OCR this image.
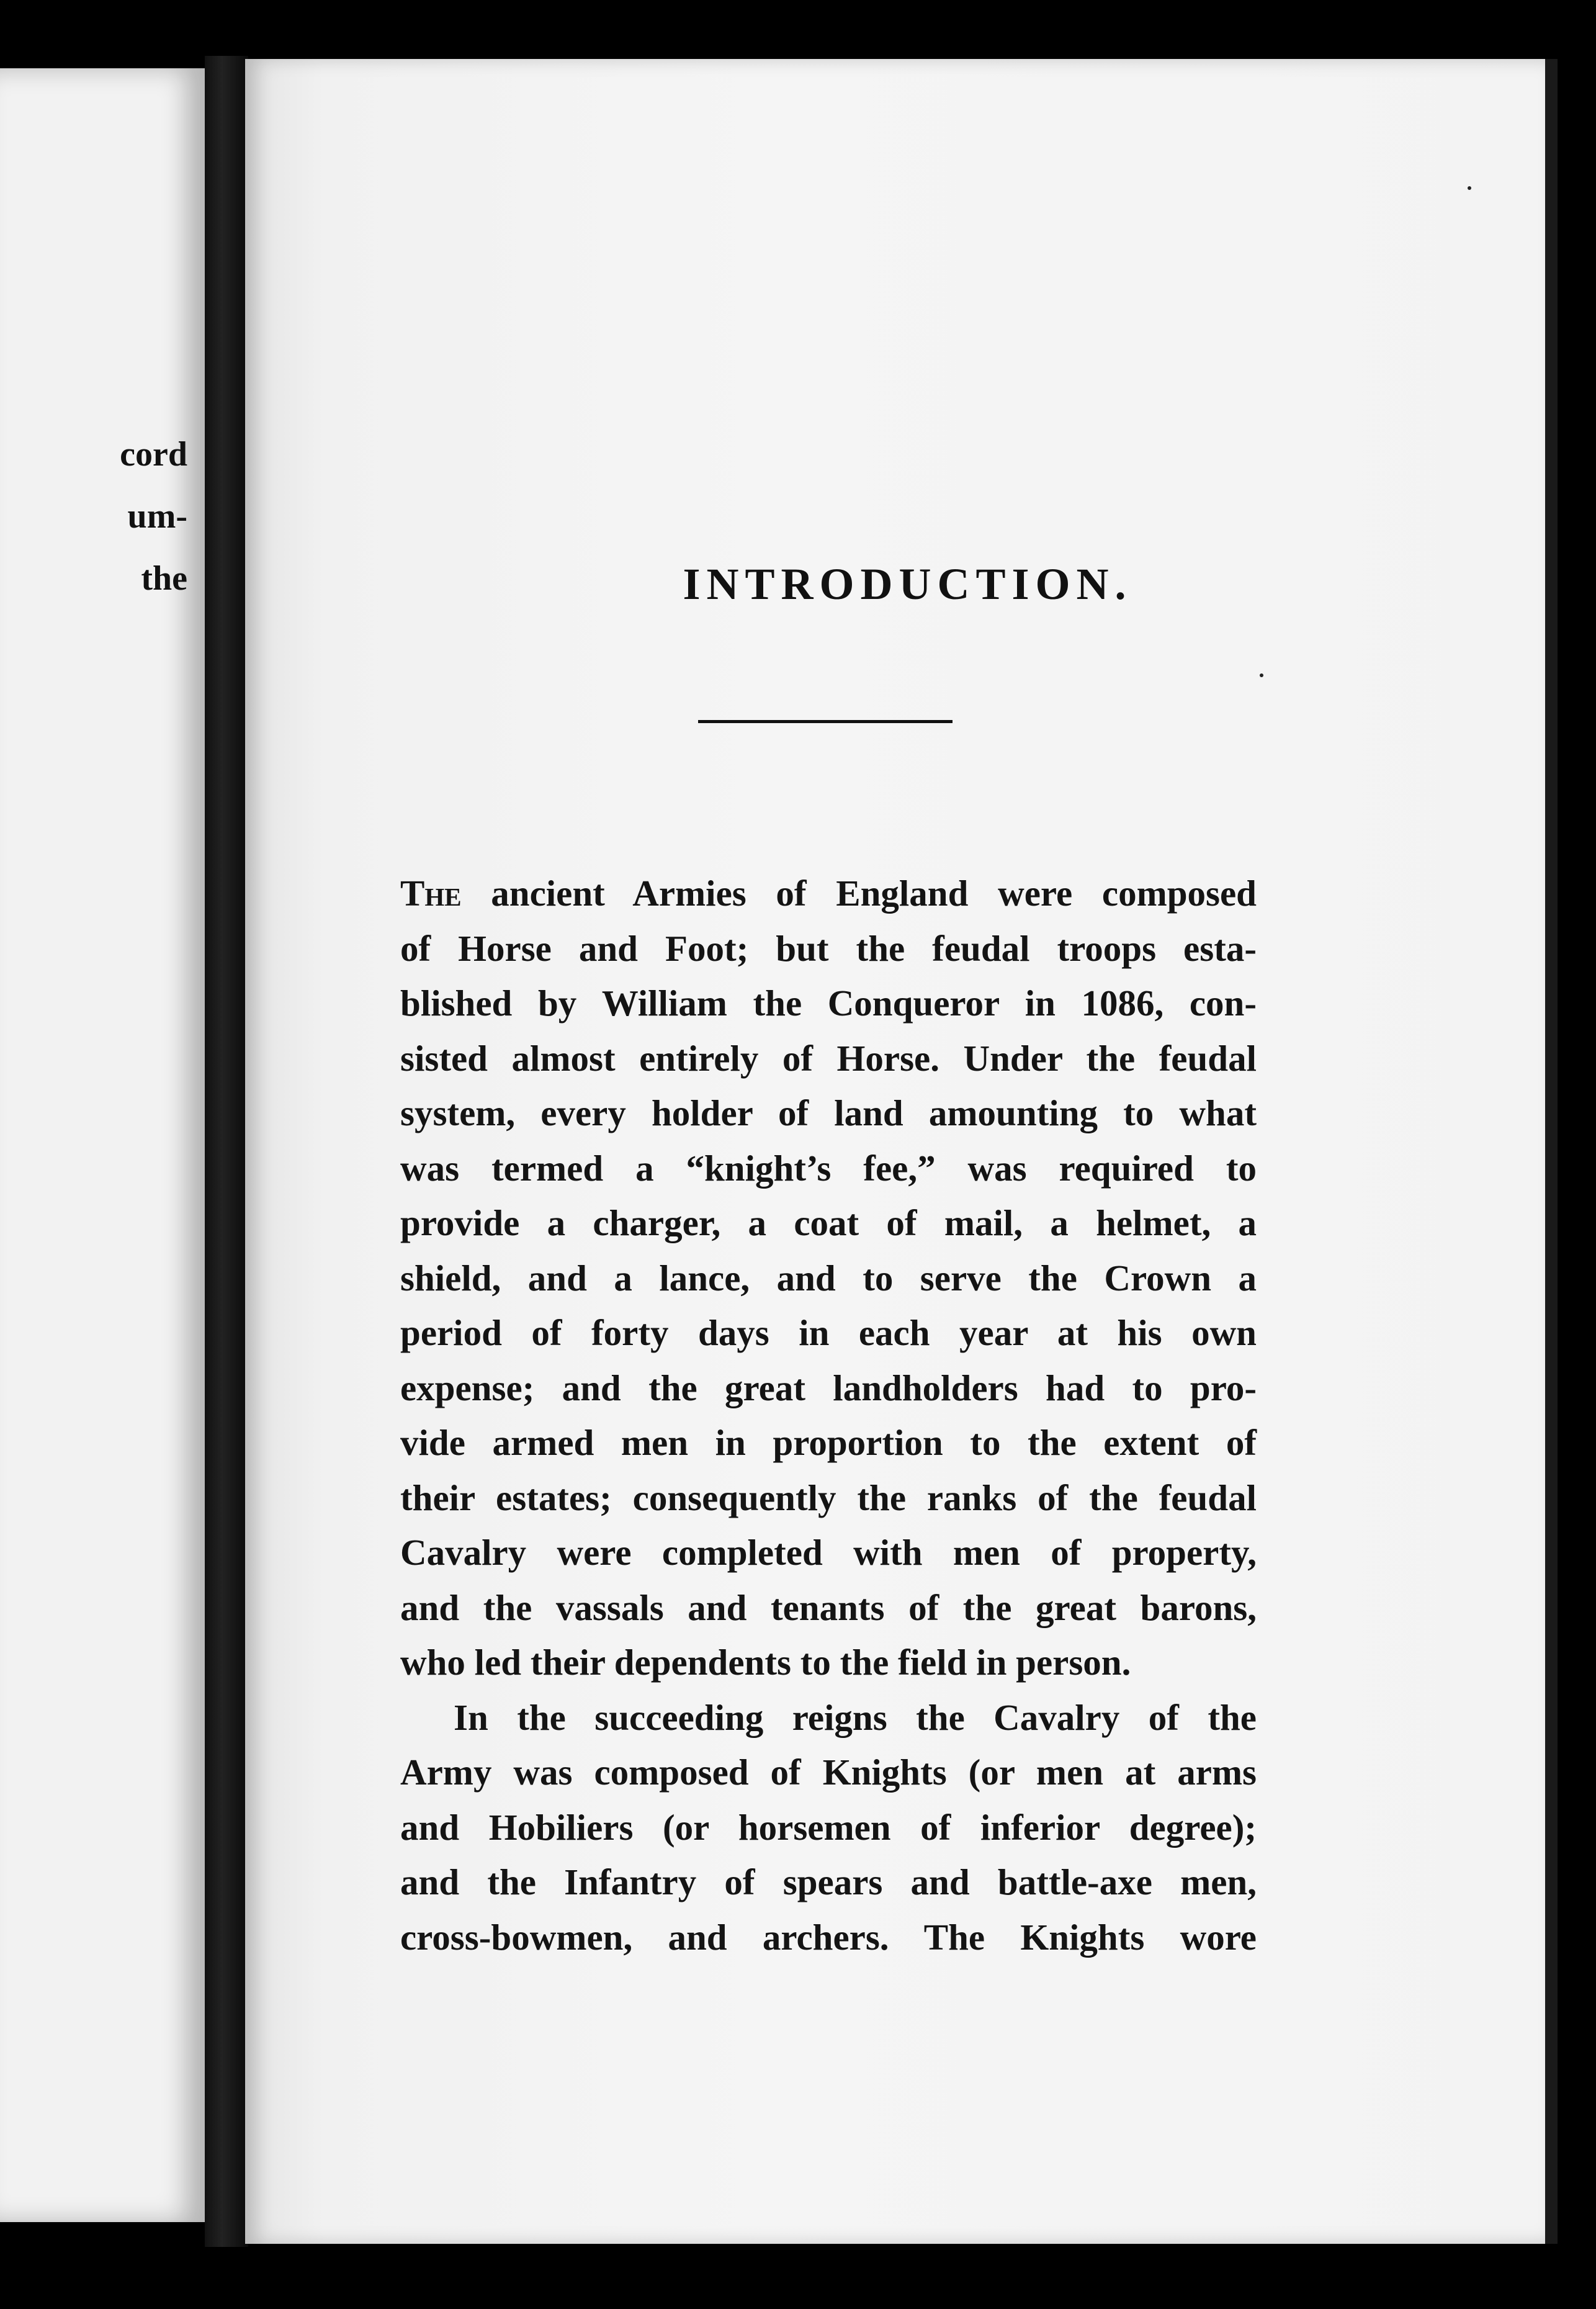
cord
um-
the	INTRODUCTION.
The ancient Armies of England were composed
of Horse and Foot; but the feudal troops esta-
blished by William the Conqueror in 1086, con-
sisted almost entirely of Horse. Under the feudal
system, every holder of land amounting to what
was termed a “knight’s fee,” was required to
provide a charger, a coat of mail, a helmet, a
shield, and a lance, and to serve the Crown a
period of forty days in each year at his own
expense; and the great landholders had to pro-
vide armed men in proportion to the extent of
their estates; consequently the ranks of the feudal
Cavalry were completed with men of property,
and the vassals and tenants of the great barons,
who led their dependents to the field in person.
In the succeeding reigns the Cavalry of the
Army was composed of Knights (or men at arms
and Hobiliers (or horsemen of inferior degree);
and the Infantry of spears and battle-axe men,
cross-bowmen, and archers. The Knights wore
